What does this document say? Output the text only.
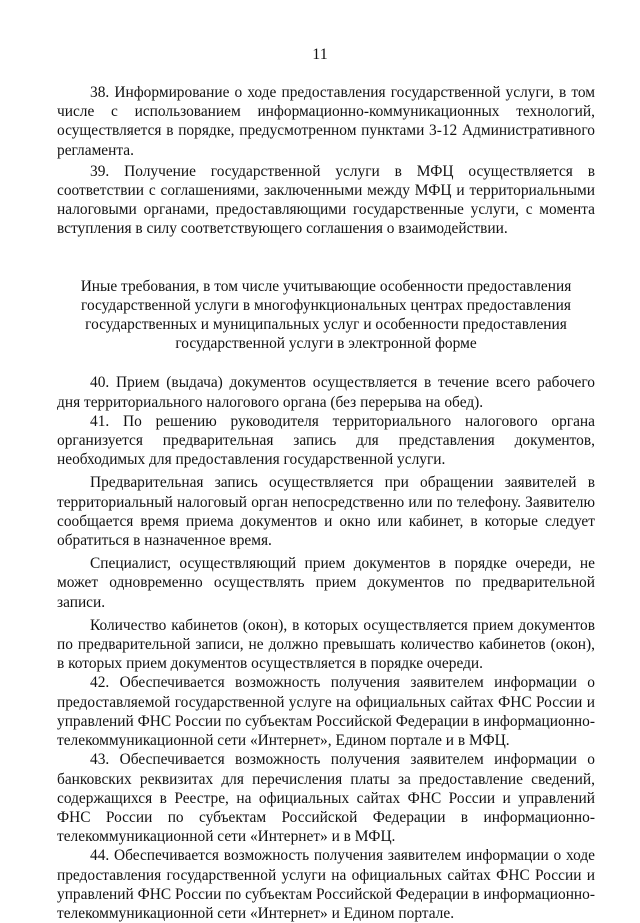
11

38. Информирование о ходе предоставления государственной услуги, в том числе с использованием информационно-коммуникационных технологий, осуществляется в порядке, предусмотренном пунктами 3-12 Административного регламента.

39. Получение государственной услуги в МФЦ осуществляется в соответствии с соглашениями, заключенными между МФЦ и территориальными налоговыми органами, предоставляющими государственные услуги, с момента вступления в силу соответствующего соглашения о взаимодействии.

Иные требования, в том числе учитывающие особенности предоставления
государственной услуги в многофункциональных центрах предоставления
государственных и муниципальных услуг и особенности предоставления
государственной услуги в электронной форме

40. Прием (выдача) документов осуществляется в течение всего рабочего дня территориального налогового органа (без перерыва на обед).

41. По решению руководителя территориального налогового органа организуется предварительная запись для представления документов, необходимых для предоставления государственной услуги.

Предварительная запись осуществляется при обращении заявителей в территориальный налоговый орган непосредственно или по телефону. Заявителю сообщается время приема документов и окно или кабинет, в которые следует обратиться в назначенное время.

Специалист, осуществляющий прием документов в порядке очереди, не может одновременно осуществлять прием документов по предварительной записи.

Количество кабинетов (окон), в которых осуществляется прием документов по предварительной записи, не должно превышать количество кабинетов (окон), в которых прием документов осуществляется в порядке очереди.

42. Обеспечивается возможность получения заявителем информации о предоставляемой государственной услуге на официальных сайтах ФНС России и управлений ФНС России по субъектам Российской Федерации в информационно-телекоммуникационной сети «Интернет», Едином портале и в МФЦ.

43. Обеспечивается возможность получения заявителем информации о банковских реквизитах для перечисления платы за предоставление сведений, содержащихся в Реестре, на официальных сайтах ФНС России и управлений ФНС России по субъектам Российской Федерации в информационно-телекоммуникационной сети «Интернет» и в МФЦ.

44. Обеспечивается возможность получения заявителем информации о ходе предоставления государственной услуги на официальных сайтах ФНС России и управлений ФНС России по субъектам Российской Федерации в информационно-телекоммуникационной сети «Интернет» и Едином портале.
